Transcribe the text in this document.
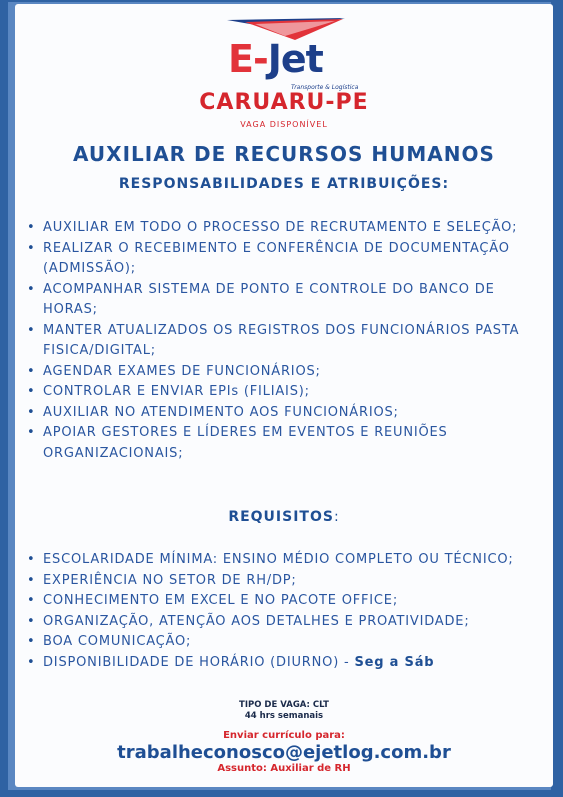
E-Jet
Transporte & Logística
CARUARU-PE
VAGA DISPONÍVEL
AUXILIAR DE RECURSOS HUMANOS
RESPONSABILIDADES E ATRIBUIÇÕES:
• AUXILIAR EM TODO O PROCESSO DE RECRUTAMENTO E SELEÇÃO;
• REALIZAR O RECEBIMENTO E CONFERÊNCIA DE DOCUMENTAÇÃO (ADMISSÃO);
• ACOMPANHAR SISTEMA DE PONTO E CONTROLE DO BANCO DE HORAS;
• MANTER ATUALIZADOS OS REGISTROS DOS FUNCIONÁRIOS PASTA FISICA/DIGITAL;
• AGENDAR EXAMES DE FUNCIONÁRIOS;
• CONTROLAR E ENVIAR EPIs (FILIAIS);
• AUXILIAR NO ATENDIMENTO AOS FUNCIONÁRIOS;
• APOIAR GESTORES E LÍDERES EM EVENTOS E REUNIÕES ORGANIZACIONAIS;
REQUISITOS:
• ESCOLARIDADE MÍNIMA: ENSINO MÉDIO COMPLETO OU TÉCNICO;
• EXPERIÊNCIA NO SETOR DE RH/DP;
• CONHECIMENTO EM EXCEL E NO PACOTE OFFICE;
• ORGANIZAÇÃO, ATENÇÃO AOS DETALHES E PROATIVIDADE;
• BOA COMUNICAÇÃO;
• DISPONIBILIDADE DE HORÁRIO (DIURNO) - Seg a Sáb
TIPO DE VAGA: CLT
44 hrs semanais
Enviar currículo para:
trabalheconosco@ejetlog.com.br
Assunto: Auxiliar de RH
